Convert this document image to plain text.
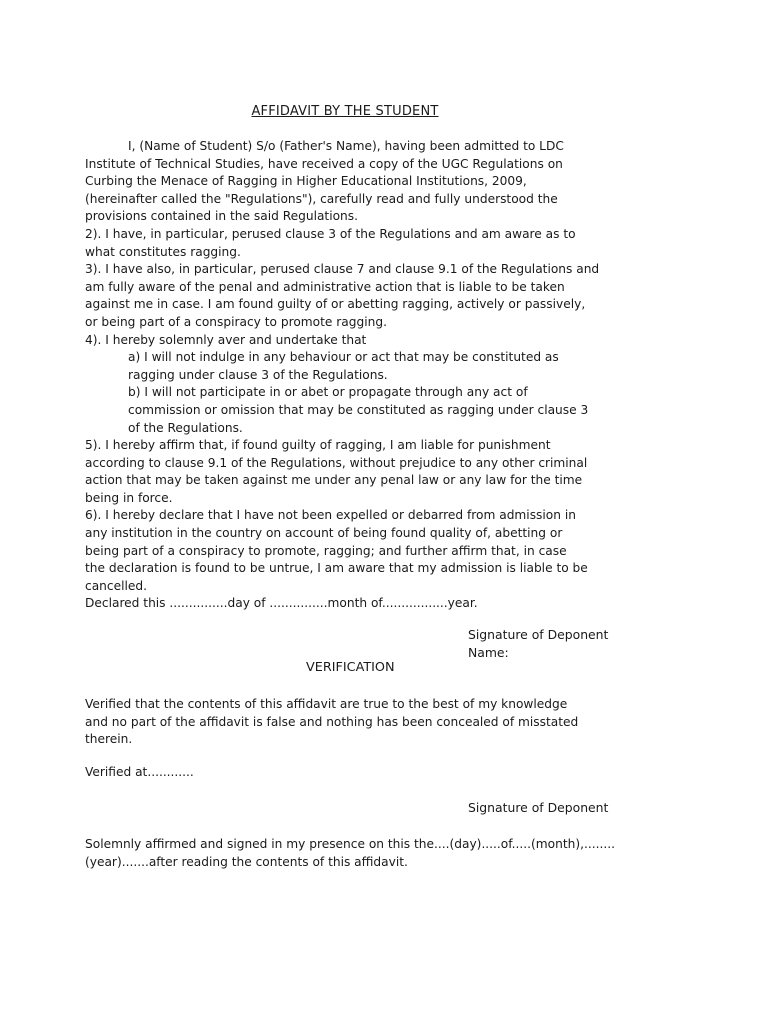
AFFIDAVIT BY THE STUDENT
I, (Name of Student) S/o (Father's Name), having been admitted to LDC
Institute of Technical Studies, have received a copy of the UGC Regulations on
Curbing the Menace of Ragging in Higher Educational Institutions, 2009,
(hereinafter called the "Regulations"), carefully read and fully understood the
provisions contained in the said Regulations.
2). I have, in particular, perused clause 3 of the Regulations and am aware as to
what constitutes ragging.
3). I have also, in particular, perused clause 7 and clause 9.1 of the Regulations and
am fully aware of the penal and administrative action that is liable to be taken
against me in case. I am found guilty of or abetting ragging, actively or passively,
or being part of a conspiracy to promote ragging.
4). I hereby solemnly aver and undertake that
a) I will not indulge in any behaviour or act that may be constituted as
ragging under clause 3 of the Regulations.
b) I will not participate in or abet or propagate through any act of
commission or omission that may be constituted as ragging under clause 3
of the Regulations.
5). I hereby affirm that, if found guilty of ragging, I am liable for punishment
according to clause 9.1 of the Regulations, without prejudice to any other criminal
action that may be taken against me under any penal law or any law for the time
being in force.
6). I hereby declare that I have not been expelled or debarred from admission in
any institution in the country on account of being found quality of, abetting or
being part of a conspiracy to promote, ragging; and further affirm that, in case
the declaration is found to be untrue, I am aware that my admission is liable to be
cancelled.
Declared this ...............day of ...............month of.................year.
Signature of Deponent
Name:
VERIFICATION
Verified that the contents of this affidavit are true to the best of my knowledge
and no part of the affidavit is false and nothing has been concealed of misstated
therein.
Verified at............
Signature of Deponent
Solemnly affirmed and signed in my presence on this the....(day).....of.....(month),........
(year).......after reading the contents of this affidavit.
